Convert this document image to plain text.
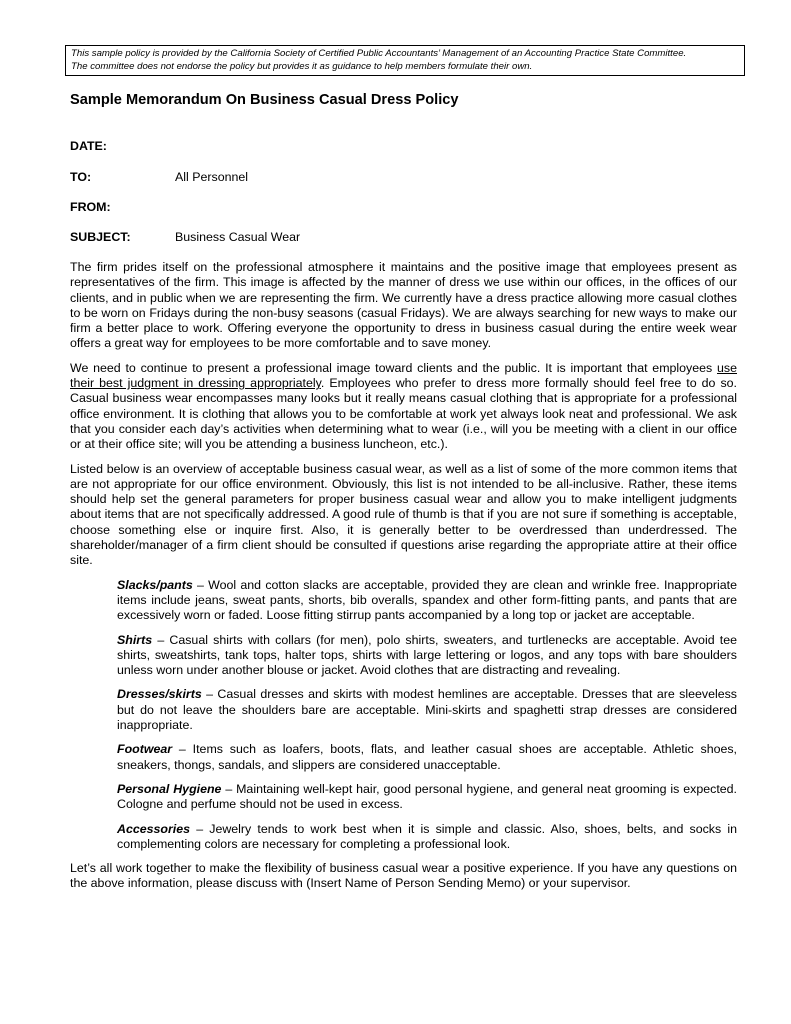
This sample policy is provided by the California Society of Certified Public Accountants’ Management of an Accounting Practice State Committee.
The committee does not endorse the policy but provides it as guidance to help members formulate their own.
Sample Memorandum On Business Casual Dress Policy
DATE:
TO:	All Personnel
FROM:
SUBJECT:	Business Casual Wear

The firm prides itself on the professional atmosphere it maintains and the positive image that employees present as representatives of the firm. This image is affected by the manner of dress we use within our offices, in the offices of our clients, and in public when we are representing the firm. We currently have a dress practice allowing more casual clothes to be worn on Fridays during the non-busy seasons (casual Fridays). We are always searching for new ways to make our firm a better place to work. Offering everyone the opportunity to dress in business casual during the entire week wear offers a great way for employees to be more comfortable and to save money.

We need to continue to present a professional image toward clients and the public. It is important that employees use their best judgment in dressing appropriately. Employees who prefer to dress more formally should feel free to do so. Casual business wear encompasses many looks but it really means casual clothing that is appropriate for a professional office environment. It is clothing that allows you to be comfortable at work yet always look neat and professional. We ask that you consider each day’s activities when determining what to wear (i.e., will you be meeting with a client in our office or at their office site; will you be attending a business luncheon, etc.).

Listed below is an overview of acceptable business casual wear, as well as a list of some of the more common items that are not appropriate for our office environment. Obviously, this list is not intended to be all-inclusive. Rather, these items should help set the general parameters for proper business casual wear and allow you to make intelligent judgments about items that are not specifically addressed. A good rule of thumb is that if you are not sure if something is acceptable, choose something else or inquire first. Also, it is generally better to be overdressed than underdressed. The shareholder/manager of a firm client should be consulted if questions arise regarding the appropriate attire at their office site.

Slacks/pants – Wool and cotton slacks are acceptable, provided they are clean and wrinkle free. Inappropriate items include jeans, sweat pants, shorts, bib overalls, spandex and other form-fitting pants, and pants that are excessively worn or faded. Loose fitting stirrup pants accompanied by a long top or jacket are acceptable.

Shirts – Casual shirts with collars (for men), polo shirts, sweaters, and turtlenecks are acceptable. Avoid tee shirts, sweatshirts, tank tops, halter tops, shirts with large lettering or logos, and any tops with bare shoulders unless worn under another blouse or jacket. Avoid clothes that are distracting and revealing.

Dresses/skirts – Casual dresses and skirts with modest hemlines are acceptable. Dresses that are sleeveless but do not leave the shoulders bare are acceptable. Mini-skirts and spaghetti strap dresses are considered inappropriate.

Footwear – Items such as loafers, boots, flats, and leather casual shoes are acceptable. Athletic shoes, sneakers, thongs, sandals, and slippers are considered unacceptable.

Personal Hygiene – Maintaining well-kept hair, good personal hygiene, and general neat grooming is expected. Cologne and perfume should not be used in excess.

Accessories – Jewelry tends to work best when it is simple and classic. Also, shoes, belts, and socks in complementing colors are necessary for completing a professional look.

Let’s all work together to make the flexibility of business casual wear a positive experience. If you have any questions on the above information, please discuss with (Insert Name of Person Sending Memo) or your supervisor.
